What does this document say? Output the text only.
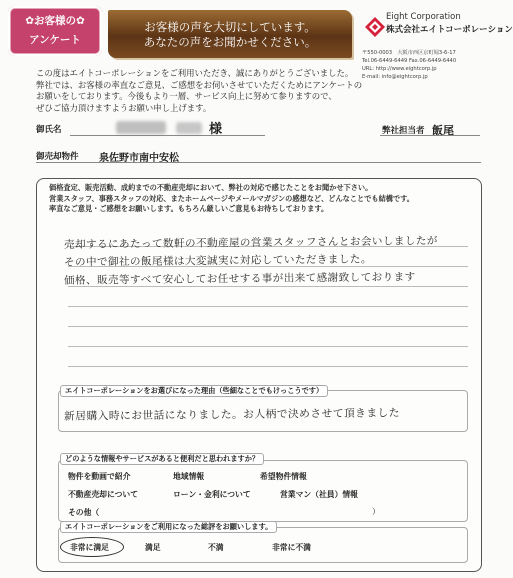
✿お客様の✿
アンケート
お客様の声を大切にしています。
あなたの声をお聞かせください。
Eight Corporation
株式会社エイトコーポレーション
〒550-0003　大阪市西区京町堀3-6-17
Tel.06-6449-6449 Fax.06-6449-6440
URL: http://www.eightcorp.jp
E-mail: info@eightcorp.jp
この度はエイトコーポレーションをご利用いただき、誠にありがとうございました。
弊社では、お客様の率直なご意見、ご感想をお伺いさせていただくためにアンケートの
お願いをしております。今後もより一層、サービス向上に努めて参りますので、
ぜひご協力頂けますようお願い申し上げます。
御氏名	様	弊社担当者 飯尾
御売却物件 泉佐野市南中安松
価格査定、販売活動、成約までの不動産売却において、弊社の対応で感じたことをお聞かせ下さい。
営業スタッフ、事務スタッフの対応、またホームページやメールマガジンの感想など、どんなことでも結構です。
率直なご意見・ご感想をお願いします。もちろん厳しいご意見もお待ちしております。
売却するにあたって数軒の不動産屋の営業スタッフさんとお会いしましたが
その中で御社の飯尾様は大変誠実に対応していただきました。
価格、販売等すべて安心してお任せする事が出来て感謝致しております
エイトコーポレーションをお選びになった理由（些細なことでもけっこうです）
新居購入時にお世話になりました。お人柄で決めさせて頂きました
どのような情報やサービスがあると便利だと思われますか？
物件を動画で紹介	地域情報	希望物件情報
不動産売却について	ローン・金利について	営業マン（社員）情報
その他（	）
エイトコーポレーションをご利用になった総評をお願いします。
非常に満足	満足	不満	非常に不満
